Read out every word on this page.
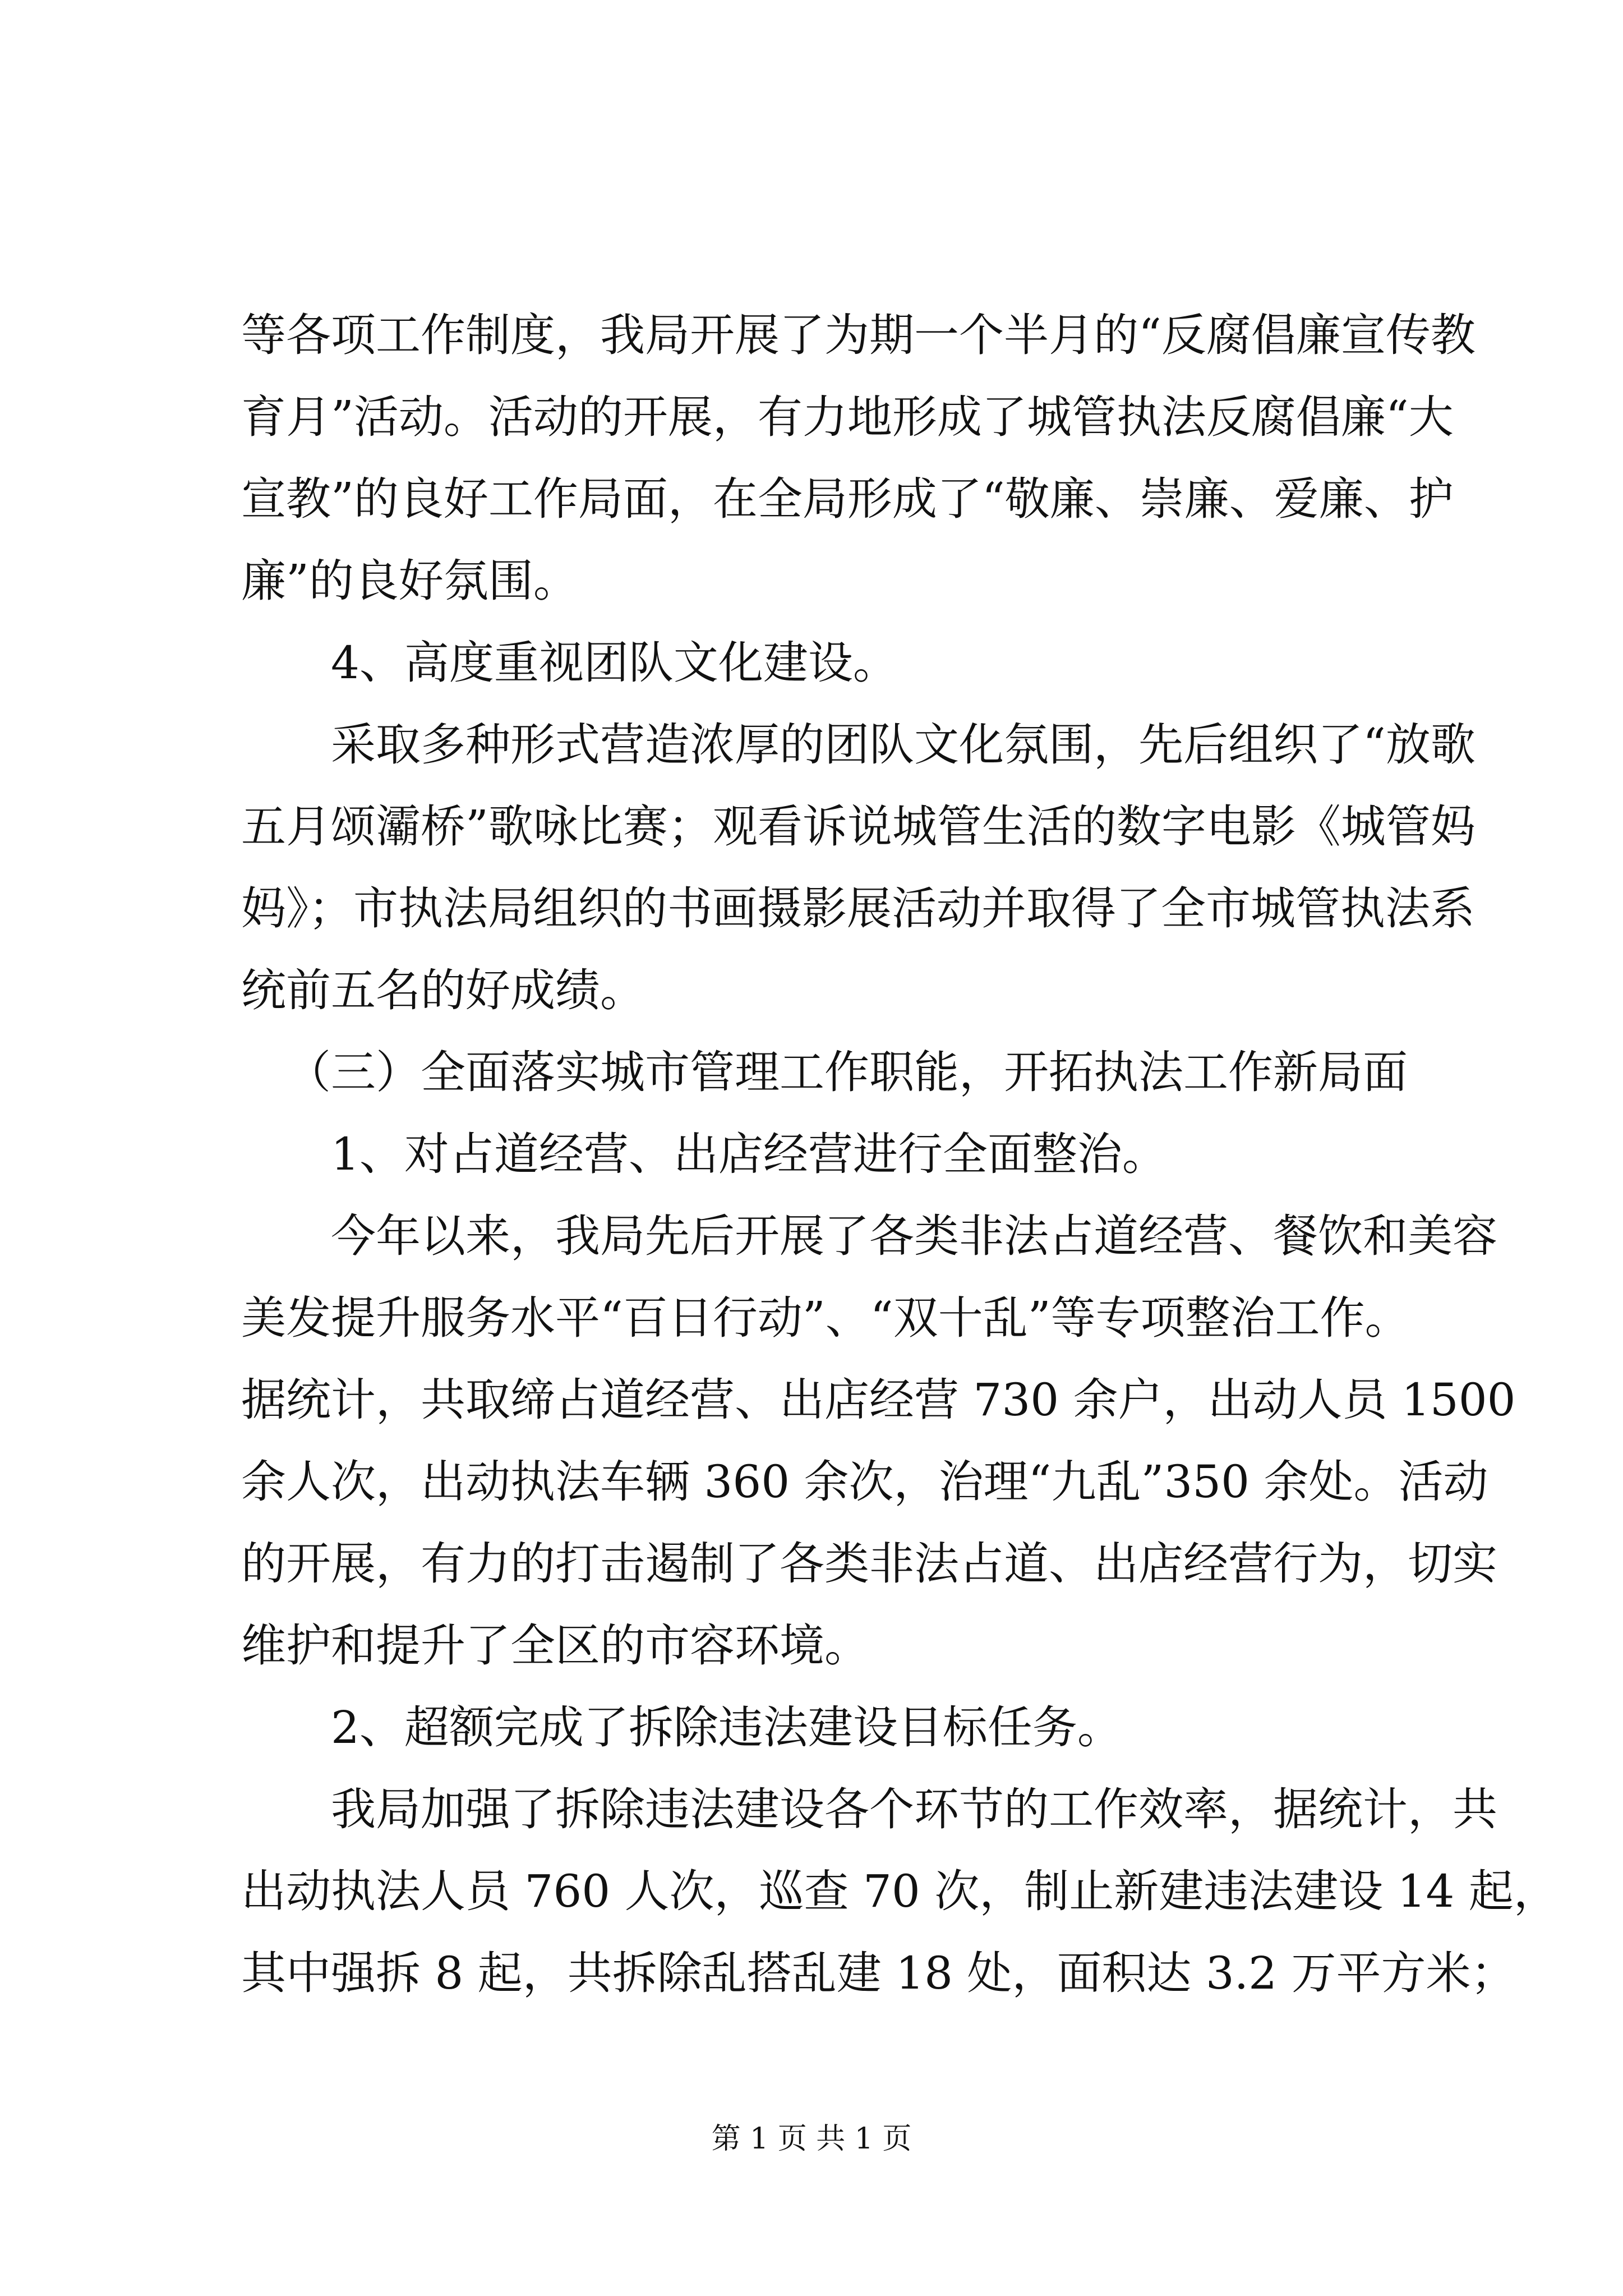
等各项工作制度，我局开展了为期一个半月的“反腐倡廉宣传教
育月”活动。活动的开展，有力地形成了城管执法反腐倡廉“大
宣教”的良好工作局面，在全局形成了“敬廉、崇廉、爱廉、护
廉”的良好氛围。
4、高度重视团队文化建设。
采取多种形式营造浓厚的团队文化氛围，先后组织了“放歌
五月颂灞桥”歌咏比赛；观看诉说城管生活的数字电影《城管妈
妈》；市执法局组织的书画摄影展活动并取得了全市城管执法系
统前五名的好成绩。
（三）全面落实城市管理工作职能，开拓执法工作新局面
1、对占道经营、出店经营进行全面整治。
今年以来，我局先后开展了各类非法占道经营、餐饮和美容
美发提升服务水平“百日行动”、“双十乱”等专项整治工作。
据统计，共取缔占道经营、出店经营 730 余户，出动人员 1500
余人次，出动执法车辆 360 余次，治理“九乱”350 余处。活动
的开展，有力的打击遏制了各类非法占道、出店经营行为，切实
维护和提升了全区的市容环境。
2、超额完成了拆除违法建设目标任务。
我局加强了拆除违法建设各个环节的工作效率，据统计，共
出动执法人员 760 人次，巡查 70 次，制止新建违法建设 14 起，
其中强拆 8 起，共拆除乱搭乱建 18 处，面积达 3.2 万平方米；
第 1 页 共 1 页
